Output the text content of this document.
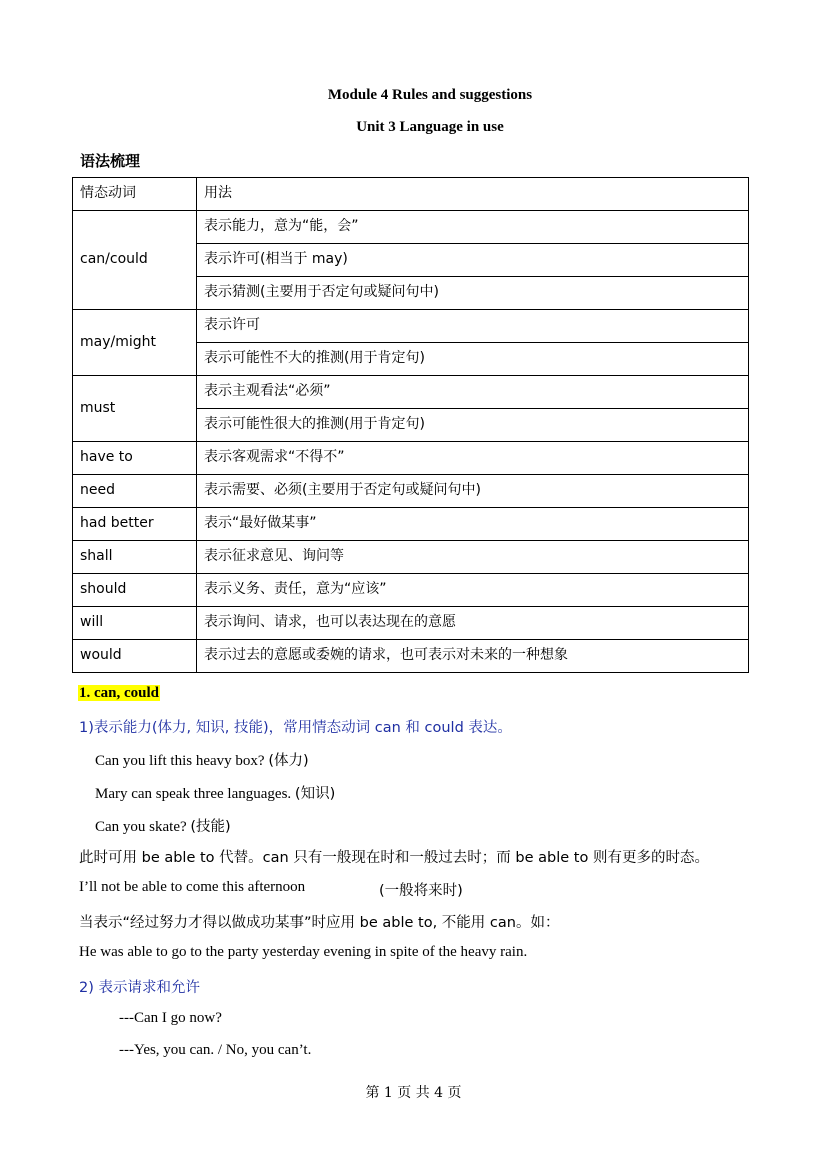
Module 4 Rules and suggestions
Unit 3 Language in use
语法梳理
情态动词	用法
can/could	表示能力，意为“能，会”
	表示许可(相当于 may)
	表示猜测(主要用于否定句或疑问句中)
may/might	表示许可
	表示可能性不大的推测(用于肯定句)
must	表示主观看法“必须”
	表示可能性很大的推测(用于肯定句)
have to	表示客观需求“不得不”
need	表示需要、必须(主要用于否定句或疑问句中)
had better	表示“最好做某事”
shall	表示征求意见、询问等
should	表示义务、责任，意为“应该”
will	表示询问、请求，也可以表达现在的意愿
would	表示过去的意愿或委婉的请求，也可表示对未来的一种想象
1. can, could
1)表示能力(体力, 知识, 技能)，常用情态动词 can 和 could 表达。
Can you lift this heavy box? (体力)
Mary can speak three languages. (知识)
Can you skate? (技能)
此时可用 be able to 代替。can 只有一般现在时和一般过去时；而 be able to 则有更多的时态。
I’ll not be able to come this afternoon	(一般将来时)
当表示“经过努力才得以做成功某事”时应用 be able to, 不能用 can。如：
He was able to go to the party yesterday evening in spite of the heavy rain.
2) 表示请求和允许
---Can I go now?
---Yes, you can. / No, you can’t.
第 1 页 共 4 页
